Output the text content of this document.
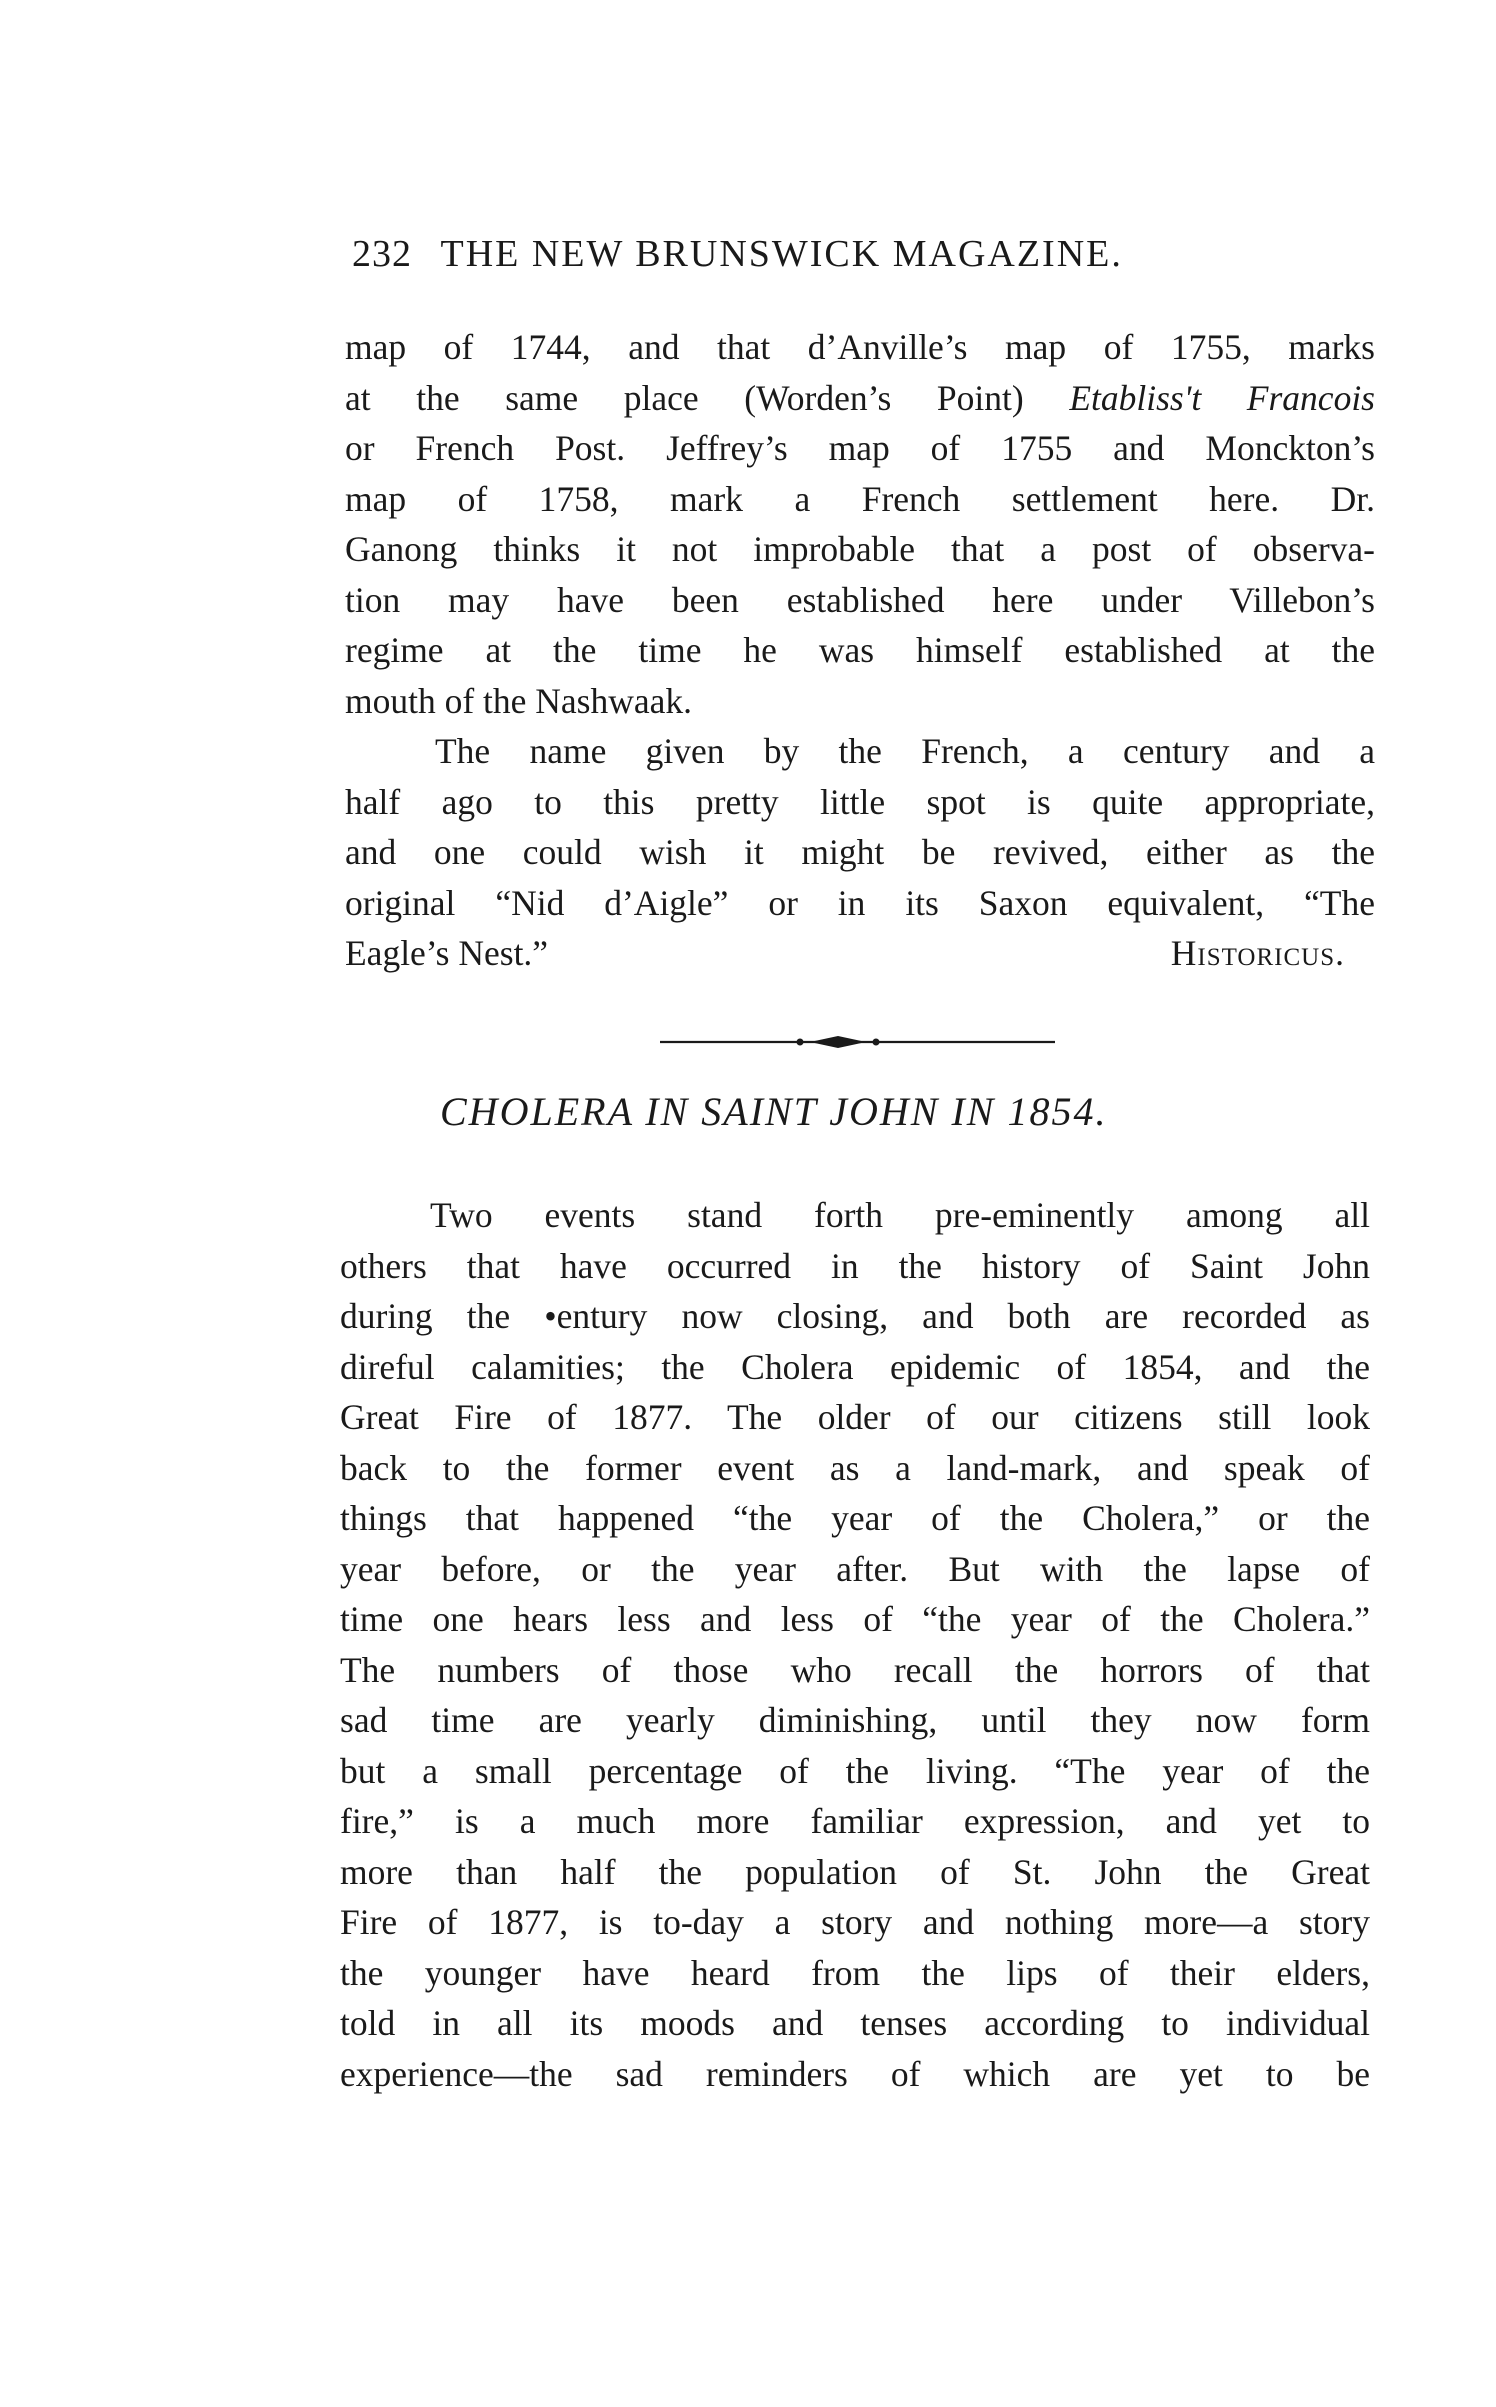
232 THE NEW BRUNSWICK MAGAZINE.
map of 1744, and that d’Anville’s map of 1755, marks
at the same place (Worden’s Point) Etabliss't Francois
or French Post. Jeffrey’s map of 1755 and Monckton’s
map of 1758, mark a French settlement here. Dr.
Ganong thinks it not improbable that a post of observa-
tion may have been established here under Villebon’s
regime at the time he was himself established at the
mouth of the Nashwaak.
The name given by the French, a century and a
half ago to this pretty little spot is quite appropriate,
and one could wish it might be revived, either as the
original “Nid d’Aigle” or in its Saxon equivalent, “The
Eagle’s Nest.”	Historicus.
CHOLERA IN SAINT JOHN IN 1854.
Two events stand forth pre-eminently among all
others that have occurred in the history of Saint John
during the •entury now closing, and both are recorded as
direful calamities; the Cholera epidemic of 1854, and the
Great Fire of 1877. The older of our citizens still look
back to the former event as a land-mark, and speak of
things that happened “the year of the Cholera,” or the
year before, or the year after. But with the lapse of
time one hears less and less of “the year of the Cholera.”
The numbers of those who recall the horrors of that
sad time are yearly diminishing, until they now form
but a small percentage of the living. “The year of the
fire,” is a much more familiar expression, and yet to
more than half the population of St. John the Great
Fire of 1877, is to-day a story and nothing more—a story
the younger have heard from the lips of their elders,
told in all its moods and tenses according to individual
experience—the sad reminders of which are yet to be
